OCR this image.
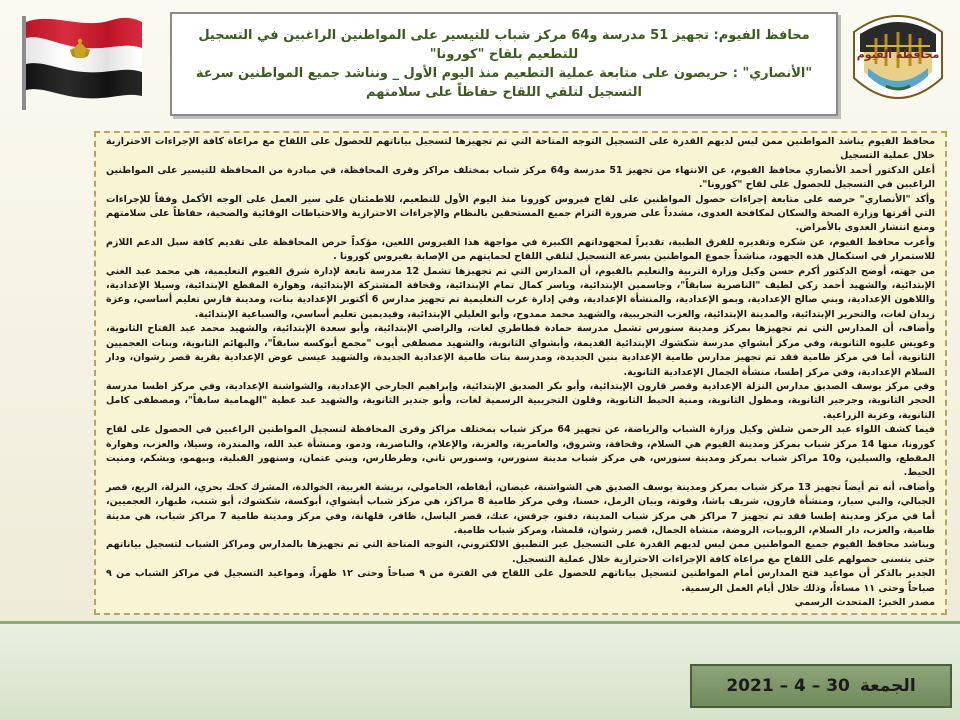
محافظة الفيوم
محافظ الفيوم: تجهيز 51 مدرسة و64 مركز شباب للتيسير على المواطنين الراغبين في التسجيل للتطعيم بلقاح "كورونا"
"الأنصاري" : حريصون على متابعة عملية التطعيم منذ اليوم الأول _ ونناشد جميع المواطنين سرعة التسجيل لتلقي اللقاح حفاظاً على سلامتهم

محافظ الفيوم يناشد المواطنين ممن ليس لديهم القدرة على التسجيل التوجه المتاحة التي تم تجهيزها لتسجيل بياناتهم للحصول على اللقاح مع مراعاة كافة الإجراءات الاحترازية خلال عملية التسجيل

أعلن الدكتور أحمد الأنصاري محافظ الفيوم، عن الانتهاء من تجهيز 51 مدرسة و64 مركز شباب بمختلف مراكز وقرى المحافظة، في مبادرة من المحافظة للتيسير على المواطنين الراغبين في التسجيل للحصول على لقاح "كورونا".

وأكد "الأنصاري" حرصه على متابعة إجراءات حصول المواطنين على لقاح فيروس كورونا منذ اليوم الأول للتطعيم، للاطمئنان على سير العمل على الوجه الأكمل وفقاً للإجراءات التي أقرتها وزارة الصحة والسكان لمكافحة العدوى، مشدداً على ضرورة التزام جميع المستحقين بالنظام والإجراءات الاحترازية والاحتياطات الوقائية والصحية، حفاظاً على سلامتهم ومنع انتشار العدوى بالأمراض.

وأعرب محافظ الفيوم، عن شكره وتقديره للفرق الطبية، تقديراً لمجهوداتهم الكبيرة في مواجهة هذا الفيروس اللعين، مؤكداً حرص المحافظة على تقديم كافة سبل الدعم اللازم للاستمرار في استكمال هذه الجهود، مناشداً جموع المواطنين بسرعة التسجيل لتلقي اللقاح لحمايتهم من الإصابة بفيروس كورونا .

من جهته، أوضح الدكتور أكرم حسن وكيل وزارة التربية والتعليم بالفيوم، أن المدارس التي تم تجهيزها تشمل 12 مدرسة تابعة لإدارة شرق الفيوم التعليمية، هي محمد عبد الغني الإبتدائية، والشهيد أحمد زكي لطيف "الناصرية سابقاً"، وجاسمين الإبتدائية، وياسر كمال تمام الإبتدائية، وقحافة المشتركة الإبتدائية، وهوارة المقطع الإبتدائية، وسيلا الإعدادية، واللاهون الإعدادية، وبني صالح الإعدادية، وبمو الإعدادية، والمنشأة الإعدادية، وفي إدارة غرب التعليمية تم تجهيز مدارس 6 أكتوبر الإعدادية بنات، ومدينة فارس تعليم أساسي، وعزة زيدان لغات، والتحرير الإبتدائية، والمدينة الإبتدائية، والعزب التجريبية، والشهيد محمد ممدوح، وأبو العليلي الإبتدائية، وفيديمين تعليم أساسي، والسباعية الإبتدائية.

وأضاف، أن المدارس التي تم تجهيزها بمركز ومدينة سنورس تشمل مدرسة حمادة فطاطري لغات، والراضي الإبتدائية، وأبو سعدة الإبتدائية، والشهيد محمد عبد الفتاح الثانوية، وعويس عليوه الثانوية، وفي مركز أبشواي مدرسة شكشوك الإبتدائية القديمة، وأبشواي الثانوية، والشهيد مصطفى أيوب "مجمع أبوكسه سابقاً"، والبهائم الثانوية، وبنات العجميين الثانوية، أما في مركز طامية فقد تم تجهيز مدارس طامية الإعدادية بنين الجديدة، ومدرسة بنات طامية الإعدادية الجديدة، والشهيد عيسى عوض الإعدادية بقرية قصر رشوان، ودار السلام الإعدادية، وفي مركز إطسا، منشأة الجمال الإعدادية الثانوية.

وفي مركز يوسف الصديق مدارس النزلة الإعدادية وقصر قارون الإبتدائية، وأبو بكر الصديق الإبتدائية، وإبراهيم الجارحي الإعدادية، والشواشنة الإعدادية، وفي مركز اطسا مدرسة الحجر الثانوية، وجرجير الثانوية، ومطول الثانوية، ومنية الحيط الثانوية، وقلون التجريبية الرسمية لغات، وأبو جندير الثانوية، والشهيد عبد عطية "الهمامية سابقاً"، ومصطفى كامل الثانوية، وعزبة الزراعية.

فيما كشف اللواء عبد الرحمن شلش وكيل وزارة الشباب والرياضة، عن تجهيز 64 مركز شباب بمختلف مراكز وقرى المحافظة لتسجيل المواطنين الراغبين في الحصول على لقاح كورونا، منها 14 مركز شباب بمركز ومدينة الفيوم هي السلام، وقحافة، وشروق، والعامرية، والعزبة، والإعلام، والناصرية، ودمو، ومنشأة عبد الله، والمندرة، وسيلا، والعزب، وهوارة المقطع، والسيلين، و10 مراكز شباب بمركز ومدينة سنورس، هي مركز شباب مدينة سنورس، وسنورس تاني، وطرطارس، وبني عتمان، وسنهور القبلية، وبيهمو، وبشكم، ومنيت الحيط.

وأضاف، أنه تم أيضاً تجهيز 13 مركز شباب بمركز ومدينة يوسف الصديق هي الشواشنة، غيضان، أبقاطه، الحامولي، بريشة الغربية، الخوالدة، المشرك كحك بحري، النزلة، الريع، قصر الجبالي، والبي سيار، ومنشأة قارون، شريف باشا، وقوتة، وبيان الرمل، حسنا، وفي مركز طامية 8 مراكز، هي مركز شباب أبشواي، أبوكسة، شكشوك، أبو شنب، طبهار، العجميين، أما في مركز ومدينة إطسا فقد تم تجهيز 7 مراكز هي مركز شباب المدينة، دفنو، جرفس، عنك، قصر الباسل، ظافر، قلهانة، وفي مركز ومدينة طامية 7 مراكز شباب، هي مدينة طامية، والعزب، دار السلام، الروبيات، الروضة، منشاة الجمال، قصر رشوان، قلمشا، ومركز شباب طامية.

ويناشد محافظ الفيوم جميع المواطنين ممن ليس لديهم القدرة على التسجيل عبر التطبيق الالكتروني، التوجه المتاحة التي تم تجهيزها بالمدارس ومراكز الشباب لتسجيل بياناتهم حتى يتسنى حصولهم على اللقاح مع مراعاة كافة الإجراءات الاحترازية خلال عملية التسجيل.

الجدير بالذكر أن مواعيد فتح المدارس أمام المواطنين لتسجيل بياناتهم للحصول على اللقاح في الفترة من ٩ صباحاً وحتى ١٢ ظهراً، ومواعيد التسجيل في مراكز الشباب من ٩ صباحاً وحتى ١١ مساءاً، وذلك خلال أيام العمل الرسمية.

مصدر الخبر: المتحدث الرسمي

الجمعة30 – 4 – 2021
